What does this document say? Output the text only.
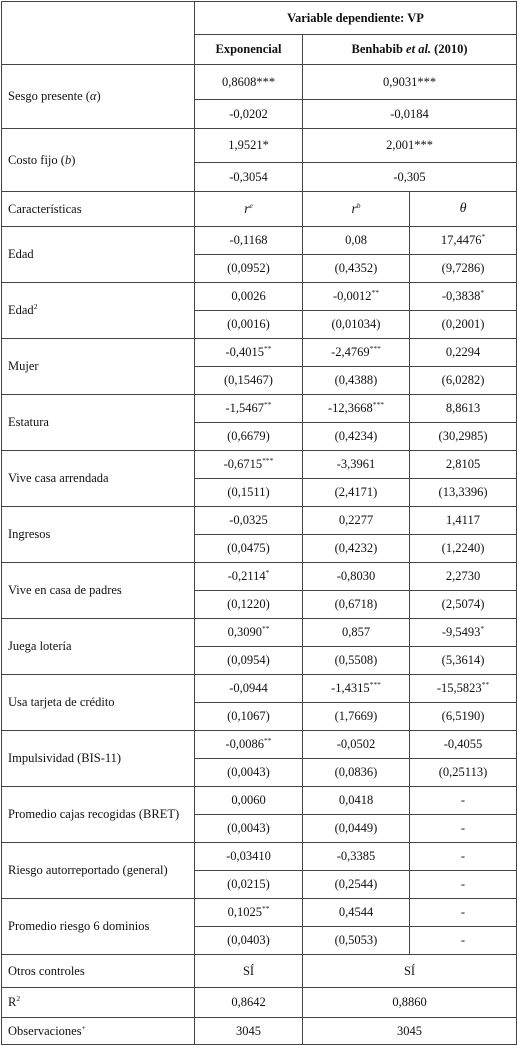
	Variable dependiente: VP		
	Exponencial	Benhabib et al. (2010)	
Sesgo presente (α)	0,8608***	0,9031***	
	-0,0202	-0,0184	
Costo fijo (b)	1,9521*	2,001***	
	-0,3054	-0,305	
Características	$r^e$	$r^b$	θ
Edad	-0,1168	0,08	17,4476*
	(0,0952)	(0,4352)	(9,7286)
Edad$^2$	0,0026	-0,0012**	-0,3838*
	(0,0016)	(0,01034)	(0,2001)
Mujer	-0,4015**	-2,4769***	0,2294
	(0,15467)	(0,4388)	(6,0282)
Estatura	-1,5467**	-12,3668***	8,8613
	(0,6679)	(0,4234)	(30,2985)
Vive casa arrendada	-0,6715***	-3,3961	2,8105
	(0,1511)	(2,4171)	(13,3396)
Ingresos	-0,0325	0,2277	1,4117
	(0,0475)	(0,4232)	(1,2240)
Vive en casa de padres	-0,2114*	-0,8030	2,2730
	(0,1220)	(0,6718)	(2,5074)
Juega lotería	0,3090**	0,857	-9,5493*
	(0,0954)	(0,5508)	(5,3614)
Usa tarjeta de crédito	-0,0944	-1,4315***	-15,5823**
	(0,1067)	(1,7669)	(6,5190)
Impulsividad (BIS-11)	-0,0086**	-0,0502	-0,4055
	(0,0043)	(0,0836)	(0,25113)
Promedio cajas recogidas (BRET)	0,0060	0,0418	-
	(0,0043)	(0,0449)	-
Riesgo autorreportado (general)	-0,03410	-0,3385	-
	(0,0215)	(0,2544)	-
Promedio riesgo 6 dominios	0,1025**	0,4544	-
	(0,0403)	(0,5053)	-
Otros controles	SÍ	SÍ	
$R^2$	0,8642	0,8860	
Observaciones+	3045	3045	
